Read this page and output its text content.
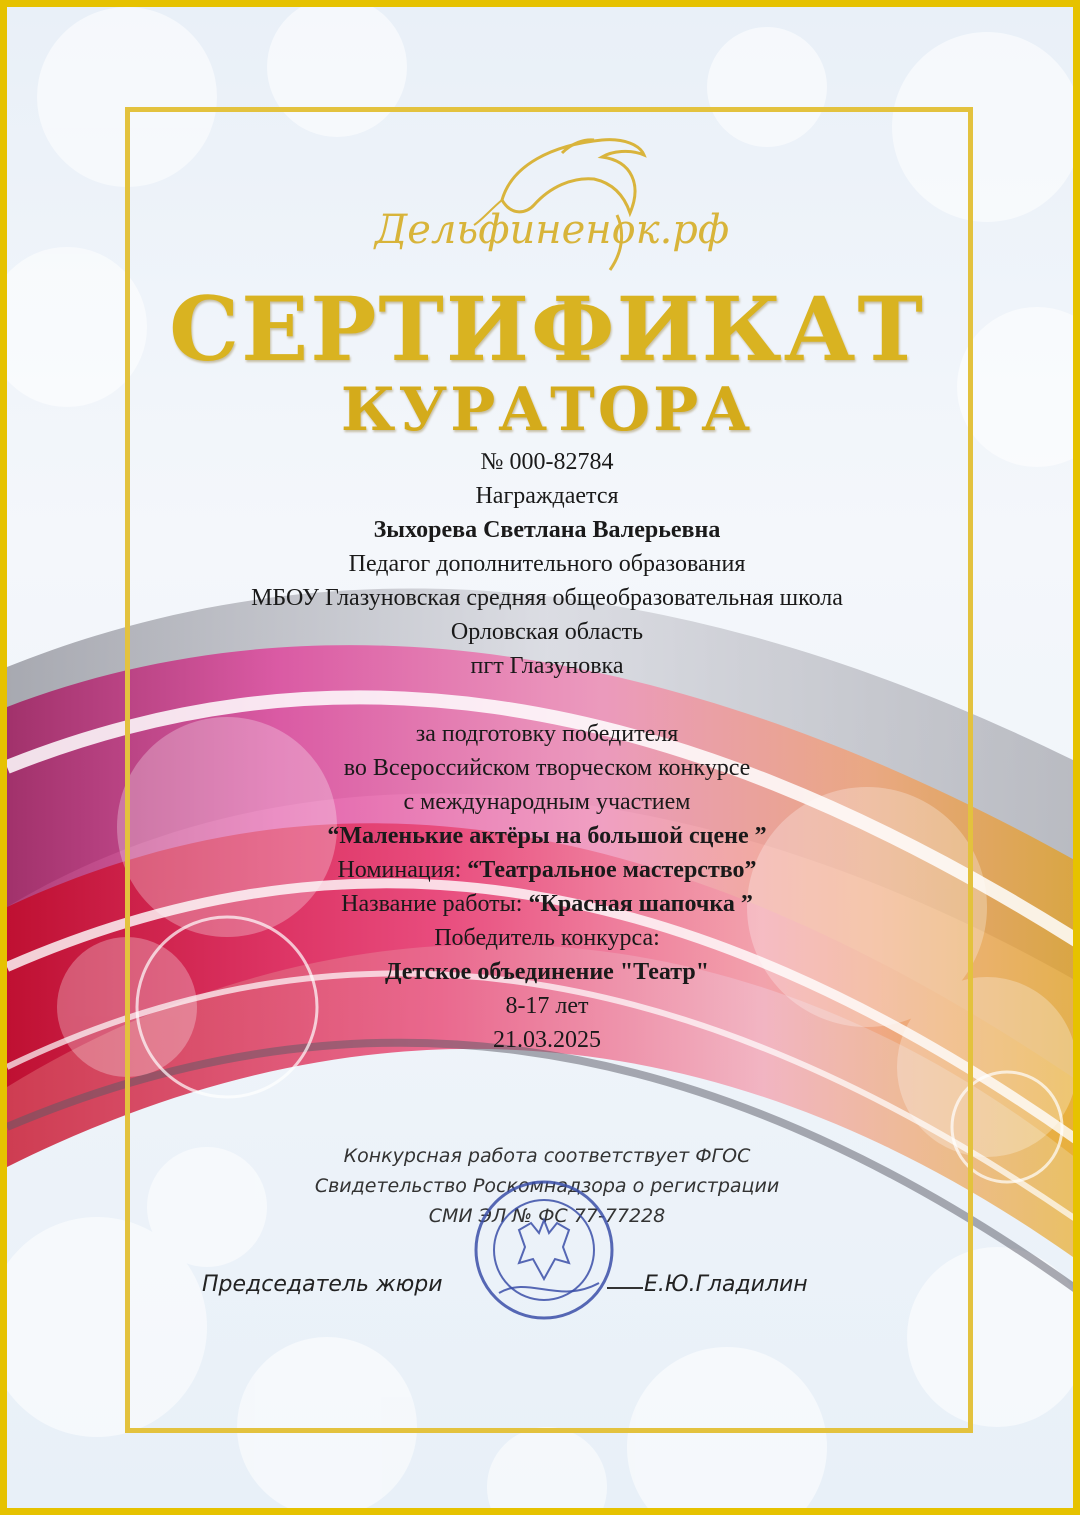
Дельфиненок.рф
СЕРТИФИКАТ
КУРАТОРА
№ 000-82784
Награждается
Зыхорева Светлана Валерьевна
Педагог дополнительного образования
МБОУ Глазуновская средняя общеобразовательная школа
Орловская область
пгт Глазуновка
за подготовку победителя
во Всероссийском творческом конкурсе
с международным участием
“Маленькие актёры на большой сцене ”
Номинация: “Театральное мастерство”
Название работы: “Красная шапочка ”
Победитель конкурса:
Детское объединение "Театр"
8-17 лет
21.03.2025
Конкурсная работа соответствует ФГОС
Свидетельство Роскомнадзора о регистрации
СМИ ЭЛ № ФС 77-77228
Председатель жюри	Е.Ю.Гладилин
